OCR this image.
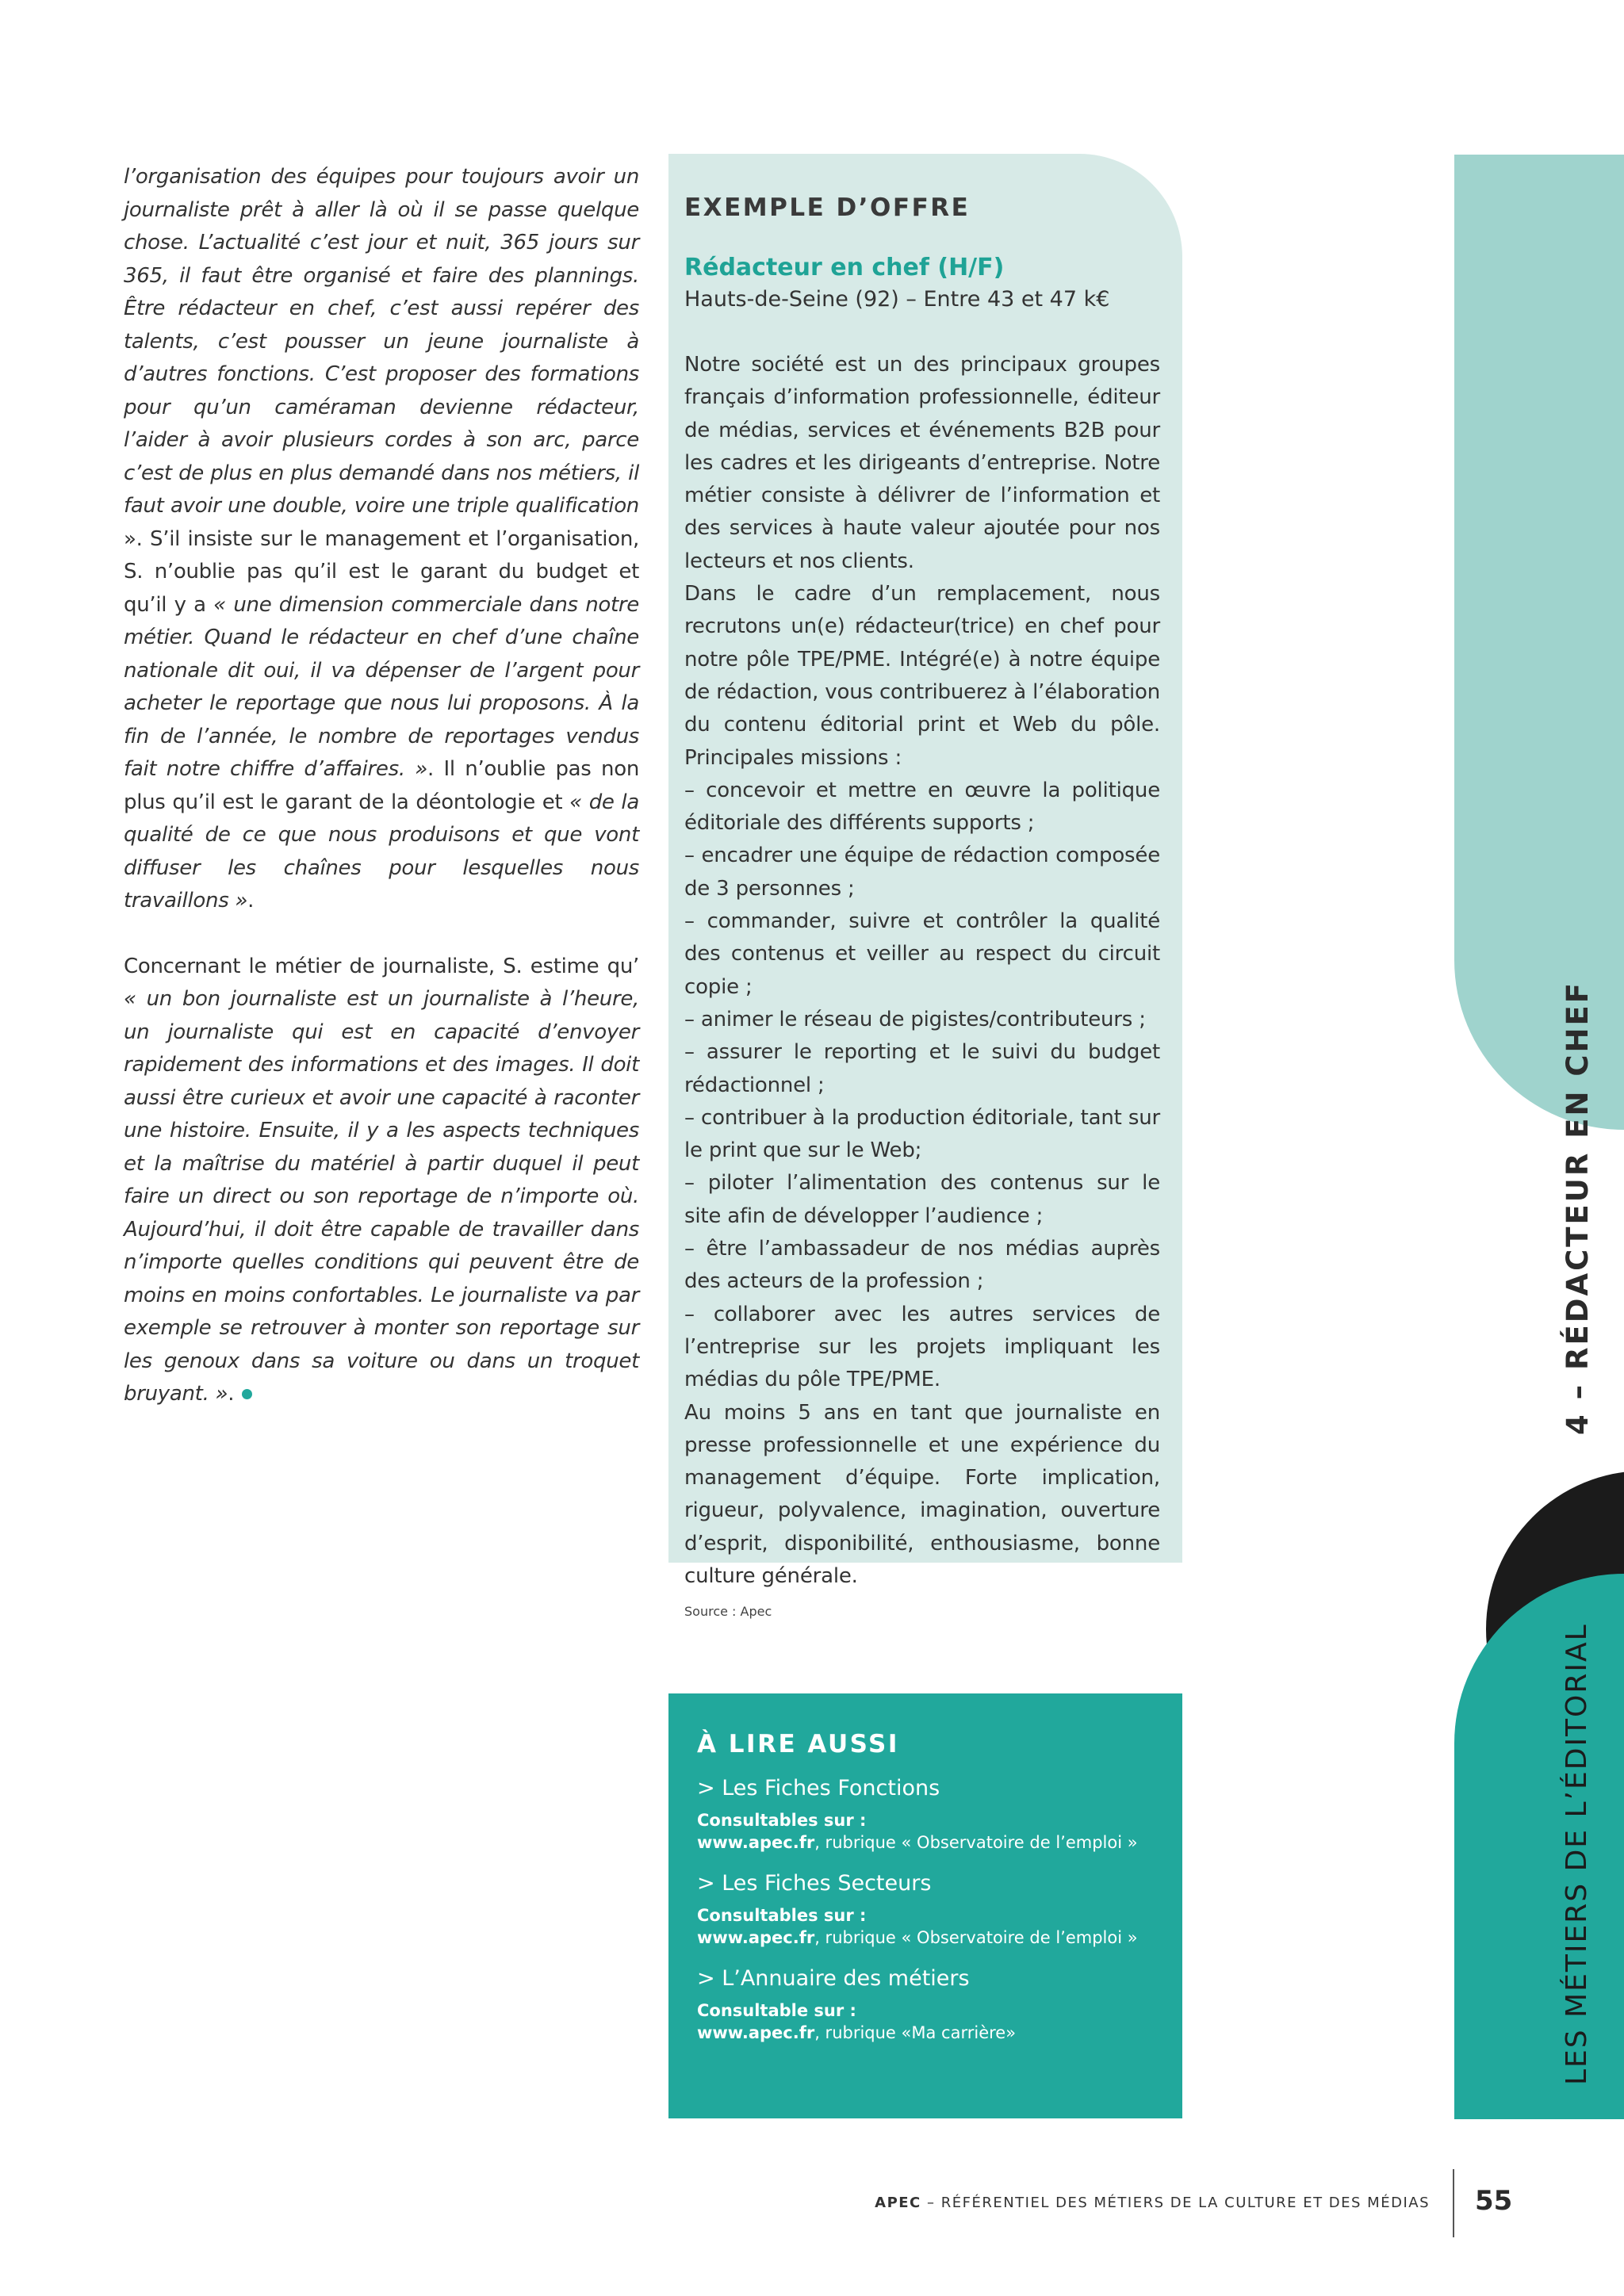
l’organisation des équipes pour toujours avoir un journaliste prêt à aller là où il se passe quelque chose. L’actualité c’est jour et nuit, 365 jours sur 365, il faut être organisé et faire des plannings. Être rédacteur en chef, c’est aussi repérer des talents, c’est pousser un jeune journaliste à d’autres fonctions. C’est proposer des formations pour qu’un caméraman devienne rédacteur, l’aider à avoir plusieurs cordes à son arc, parce c’est de plus en plus demandé dans nos métiers, il faut avoir une double, voire une triple qualification ». S’il insiste sur le management et l’organisation, S. n’oublie pas qu’il est le garant du budget et qu’il y a « une dimension commerciale dans notre métier. Quand le rédacteur en chef d’une chaîne nationale dit oui, il va dépenser de l’argent pour acheter le reportage que nous lui proposons. À la fin de l’année, le nombre de reportages vendus fait notre chiffre d’affaires. ». Il n’oublie pas non plus qu’il est le garant de la déontologie et « de la qualité de ce que nous produisons et que vont diffuser les chaînes pour lesquelles nous travaillons ».

Concernant le métier de journaliste, S. estime qu’ « un bon journaliste est un journaliste à l’heure, un journaliste qui est en capacité d’envoyer rapidement des informations et des images. Il doit aussi être curieux et avoir une capacité à raconter une histoire. Ensuite, il y a les aspects techniques et la maîtrise du matériel à partir duquel il peut faire un direct ou son reportage de n’importe où. Aujourd’hui, il doit être capable de travailler dans n’importe quelles conditions qui peuvent être de moins en moins confortables. Le journaliste va par exemple se retrouver à monter son reportage sur les genoux dans sa voiture ou dans un troquet bruyant. ».

EXEMPLE D’OFFRE
Rédacteur en chef (H/F)
Hauts-de-Seine (92) – Entre 43 et 47 k€
Notre société est un des principaux groupes français d’information professionnelle, éditeur de médias, services et événements B2B pour les cadres et les dirigeants d’entreprise. Notre métier consiste à délivrer de l’information et des services à haute valeur ajoutée pour nos lecteurs et nos clients.
Dans le cadre d’un remplacement, nous recrutons un(e) rédacteur(trice) en chef pour notre pôle TPE/PME. Intégré(e) à notre équipe de rédaction, vous contribuerez à l’élaboration du contenu éditorial print et Web du pôle. Principales missions :
– concevoir et mettre en œuvre la politique éditoriale des différents supports ;
– encadrer une équipe de rédaction composée de 3 personnes ;
– commander, suivre et contrôler la qualité des contenus et veiller au respect du circuit copie ;
– animer le réseau de pigistes/contributeurs ;
– assurer le reporting et le suivi du budget rédactionnel ;
– contribuer à la production éditoriale, tant sur le print que sur le Web;
– piloter l’alimentation des contenus sur le site afin de développer l’audience ;
– être l’ambassadeur de nos médias auprès des acteurs de la profession ;
– collaborer avec les autres services de l’entreprise sur les projets impliquant les médias du pôle TPE/PME.
Au moins 5 ans en tant que journaliste en presse professionnelle et une expérience du management d’équipe. Forte implication, rigueur, polyvalence, imagination, ouverture d’esprit, disponibilité, enthousiasme, bonne culture générale.
Source : Apec
À LIRE AUSSI
> Les Fiches Fonctions
Consultables sur :
www.apec.fr, rubrique « Observatoire de l’emploi »
> Les Fiches Secteurs
Consultables sur :
www.apec.fr, rubrique « Observatoire de l’emploi »
> L’Annuaire des métiers
Consultable sur :
www.apec.fr, rubrique «Ma carrière»
4 – RÉDACTEUR EN CHEF
LES MÉTIERS DE L’ÉDITORIAL
APEC – RÉFÉRENTIEL DES MÉTIERS DE LA CULTURE ET DES MÉDIAS 55
